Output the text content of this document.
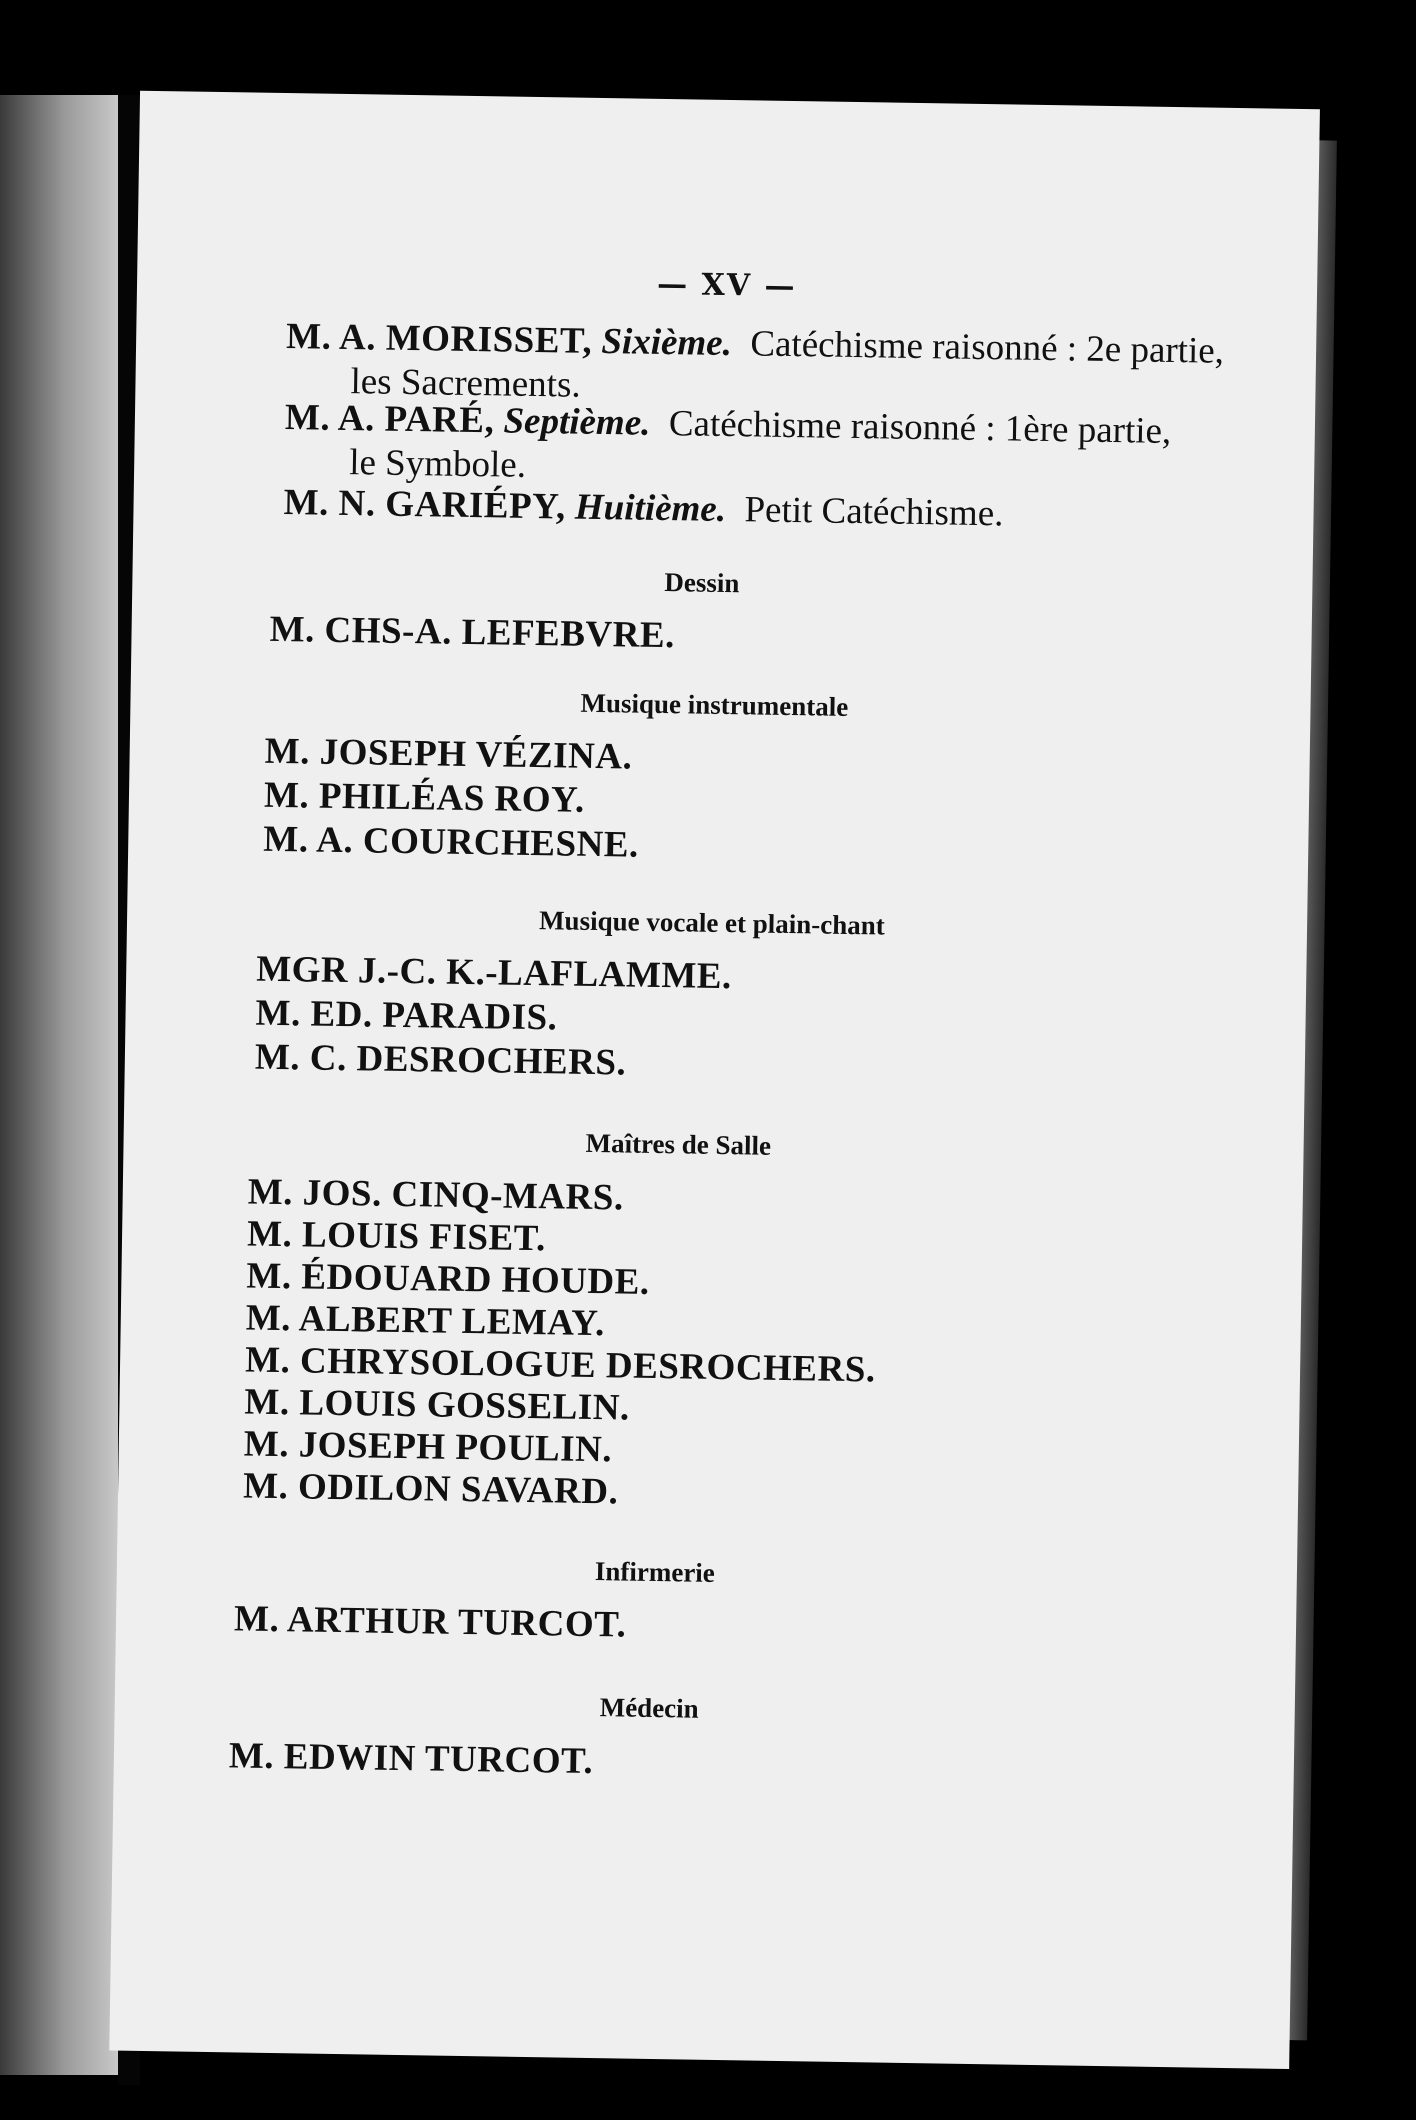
— XV —
M. A. MORISSET, Sixième. Catéchisme raisonné : 2e partie,
les Sacrements.
M. A. PARÉ, Septième. Catéchisme raisonné : 1ère partie,
le Symbole.
M. N. GARIÉPY, Huitième. Petit Catéchisme.
Dessin
M. CHS-A. LEFEBVRE.
Musique instrumentale
M. JOSEPH VÉZINA.
M. PHILÉAS ROY.
M. A. COURCHESNE.
Musique vocale et plain-chant
MGR J.-C. K.-LAFLAMME.
M. ED. PARADIS.
M. C. DESROCHERS.
Maîtres de Salle
M. JOS. CINQ-MARS.
M. LOUIS FISET.
M. ÉDOUARD HOUDE.
M. ALBERT LEMAY.
M. CHRYSOLOGUE DESROCHERS.
M. LOUIS GOSSELIN.
M. JOSEPH POULIN.
M. ODILON SAVARD.
Infirmerie
M. ARTHUR TURCOT.
Médecin
M. EDWIN TURCOT.
